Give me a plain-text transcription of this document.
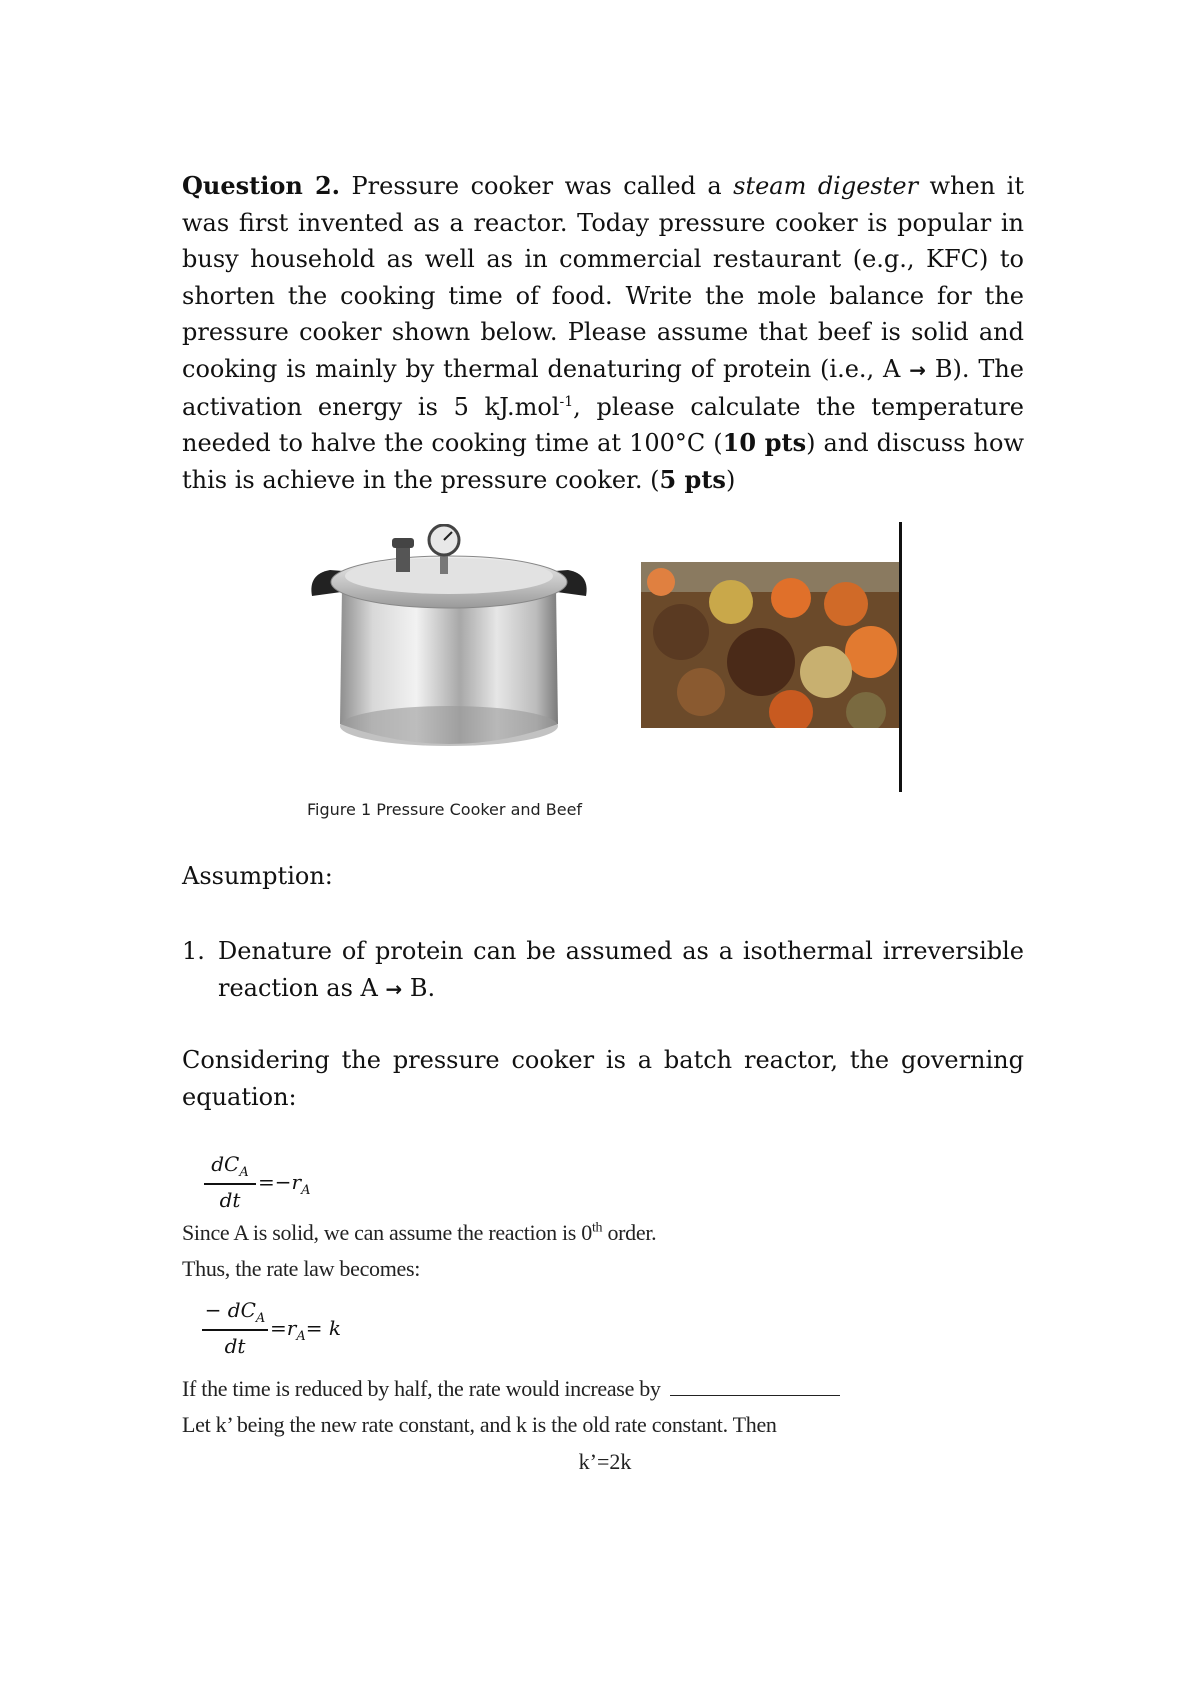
Question 2. Pressure cooker was called a steam digester when it was first invented as a reactor. Today pressure cooker is popular in busy household as well as in commercial restaurant (e.g., KFC) to shorten the cooking time of food. Write the mole balance for the pressure cooker shown below. Please assume that beef is solid and cooking is mainly by thermal denaturing of protein (i.e., A → B). The activation energy is 5 kJ.mol$^{-1}$, please calculate the temperature needed to halve the cooking time at 100°C (10 pts) and discuss how this is achieve in the pressure cooker. (5 pts)
Figure 1 Pressure Cooker and Beef
Assumption:
1. Denature of protein can be assumed as a isothermal irreversible reaction as A → B.
Considering the pressure cooker is a batch reactor, the governing equation:
$dC_A$
dt
$=-r_A$
Since A is solid, we can assume the reaction is 0th order.
Thus, the rate law becomes:
− $dC_A$
dt
$=r_A= k$
If the time is reduced by half, the rate would increase by
Let k’ being the new rate constant, and k is the old rate constant. Then
k’=2k
